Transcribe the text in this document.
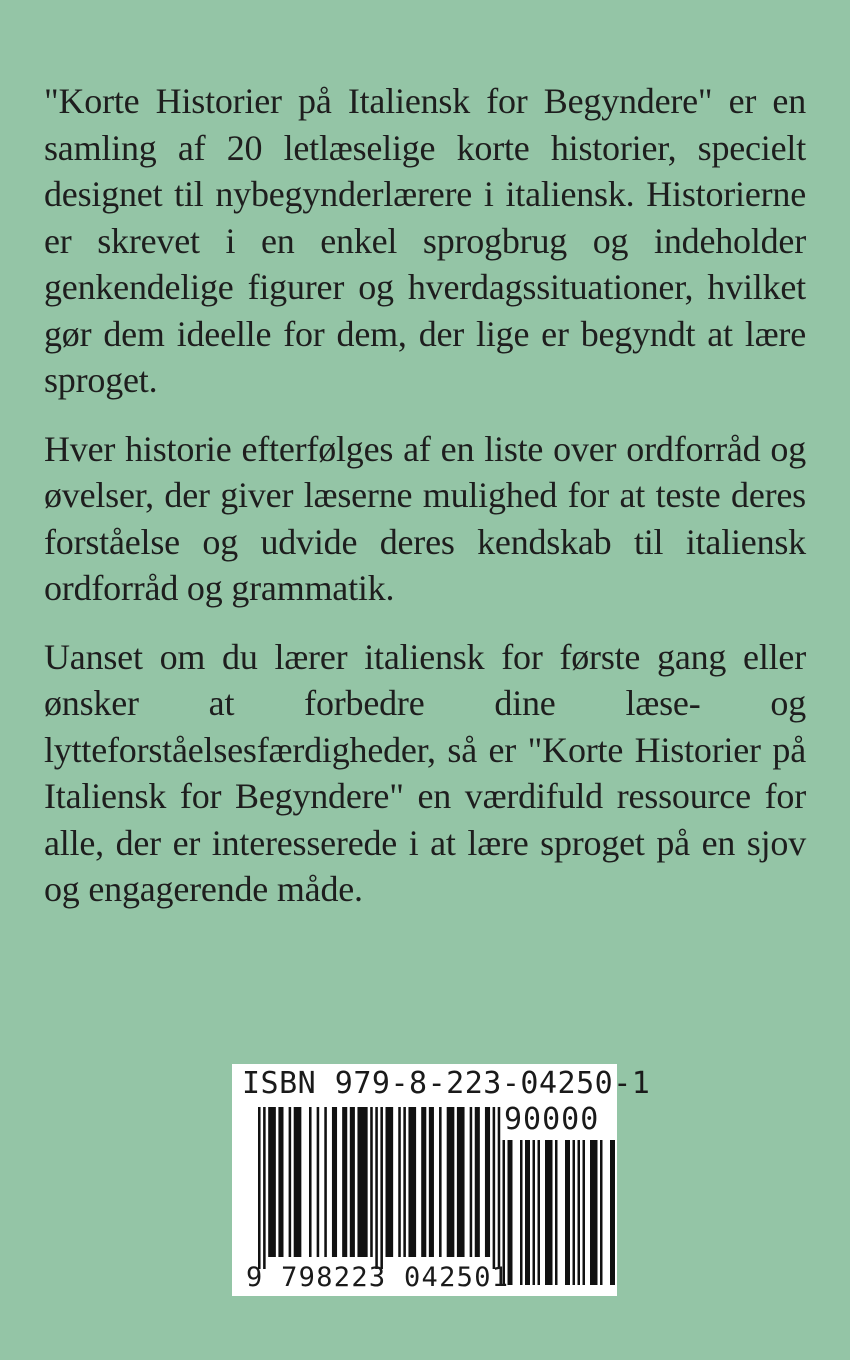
"Korte Historier på Italiensk for Begyndere" er en samling af 20 letlæselige korte historier, specielt designet til nybegynderlærere i italiensk. Historierne er skrevet i en enkel sprogbrug og indeholder genkendelige figurer og hverdagssituationer, hvilket gør dem ideelle for dem, der lige er begyndt at lære sproget.

Hver historie efterfølges af en liste over ordforråd og øvelser, der giver læserne mulighed for at teste deres forståelse og udvide deres kendskab til italiensk ordforråd og grammatik.

Uanset om du lærer italiensk for første gang eller ønsker at forbedre dine læse- og lytteforståelsesfærdigheder, så er "Korte Historier på Italiensk for Begyndere" en værdifuld ressource for alle, der er interesserede i at lære sproget på en sjov og engagerende måde.

ISBN 979-8-223-04250-1
90000
9 798223 042501
